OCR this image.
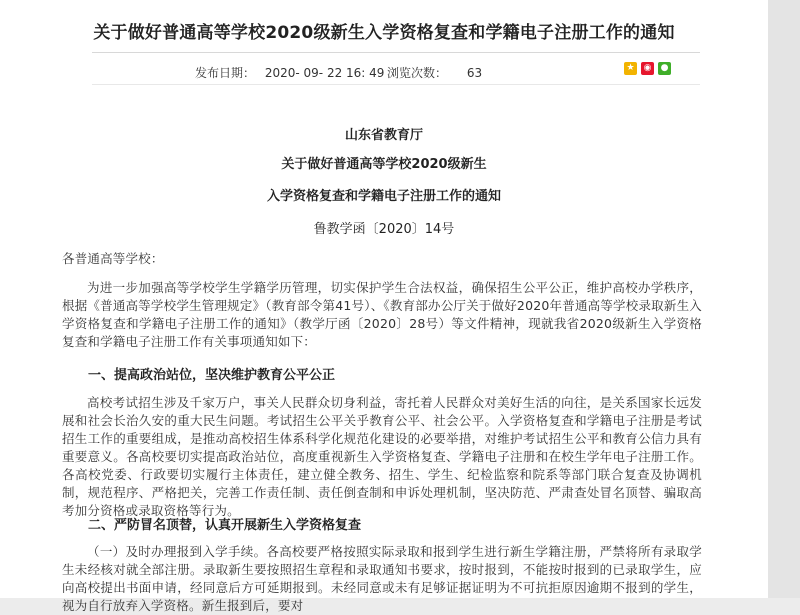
关于做好普通高等学校2020级新生入学资格复查和学籍电子注册工作的通知
发布日期： 2020- 09- 22 16: 49 浏览次数： 63	★ ◉ ●
山东省教育厅
关于做好普通高等学校2020级新生
入学资格复查和学籍电子注册工作的通知
鲁教学函〔2020〕14号
各普通高等学校：
为进一步加强高等学校学生学籍学历管理，切实保护学生合法权益，确保招生公平公正，维护高校办学秩序，根据《普通高等学校学生管理规定》（教育部令第41号）、《教育部办公厅关于做好2020年普通高等学校录取新生入学资格复查和学籍电子注册工作的通知》（教学厅函〔2020〕28号）等文件精神，现就我省2020级新生入学资格复查和学籍电子注册工作有关事项通知如下：
一、提高政治站位，坚决维护教育公平公正
高校考试招生涉及千家万户，事关人民群众切身利益，寄托着人民群众对美好生活的向往，是关系国家长远发展和社会长治久安的重大民生问题。考试招生公平关乎教育公平、社会公平。入学资格复查和学籍电子注册是考试招生工作的重要组成，是推动高校招生体系科学化规范化建设的必要举措，对维护考试招生公平和教育公信力具有重要意义。各高校要切实提高政治站位，高度重视新生入学资格复查、学籍电子注册和在校生学年电子注册工作。各高校党委、行政要切实履行主体责任，建立健全教务、招生、学生、纪检监察和院系等部门联合复查及协调机制，规范程序、严格把关，完善工作责任制、责任倒查制和申诉处理机制，坚决防范、严肃查处冒名顶替、骗取高考加分资格或录取资格等行为。
二、严防冒名顶替，认真开展新生入学资格复查
（一）及时办理报到入学手续。各高校要严格按照实际录取和报到学生进行新生学籍注册，严禁将所有录取学生未经核对就全部注册。录取新生要按照招生章程和录取通知书要求，按时报到，不能按时报到的已录取学生，应向高校提出书面申请，经同意后方可延期报到。未经同意或未有足够证据证明为不可抗拒原因逾期不报到的学生，视为自行放弃入学资格。新生报到后，要对
